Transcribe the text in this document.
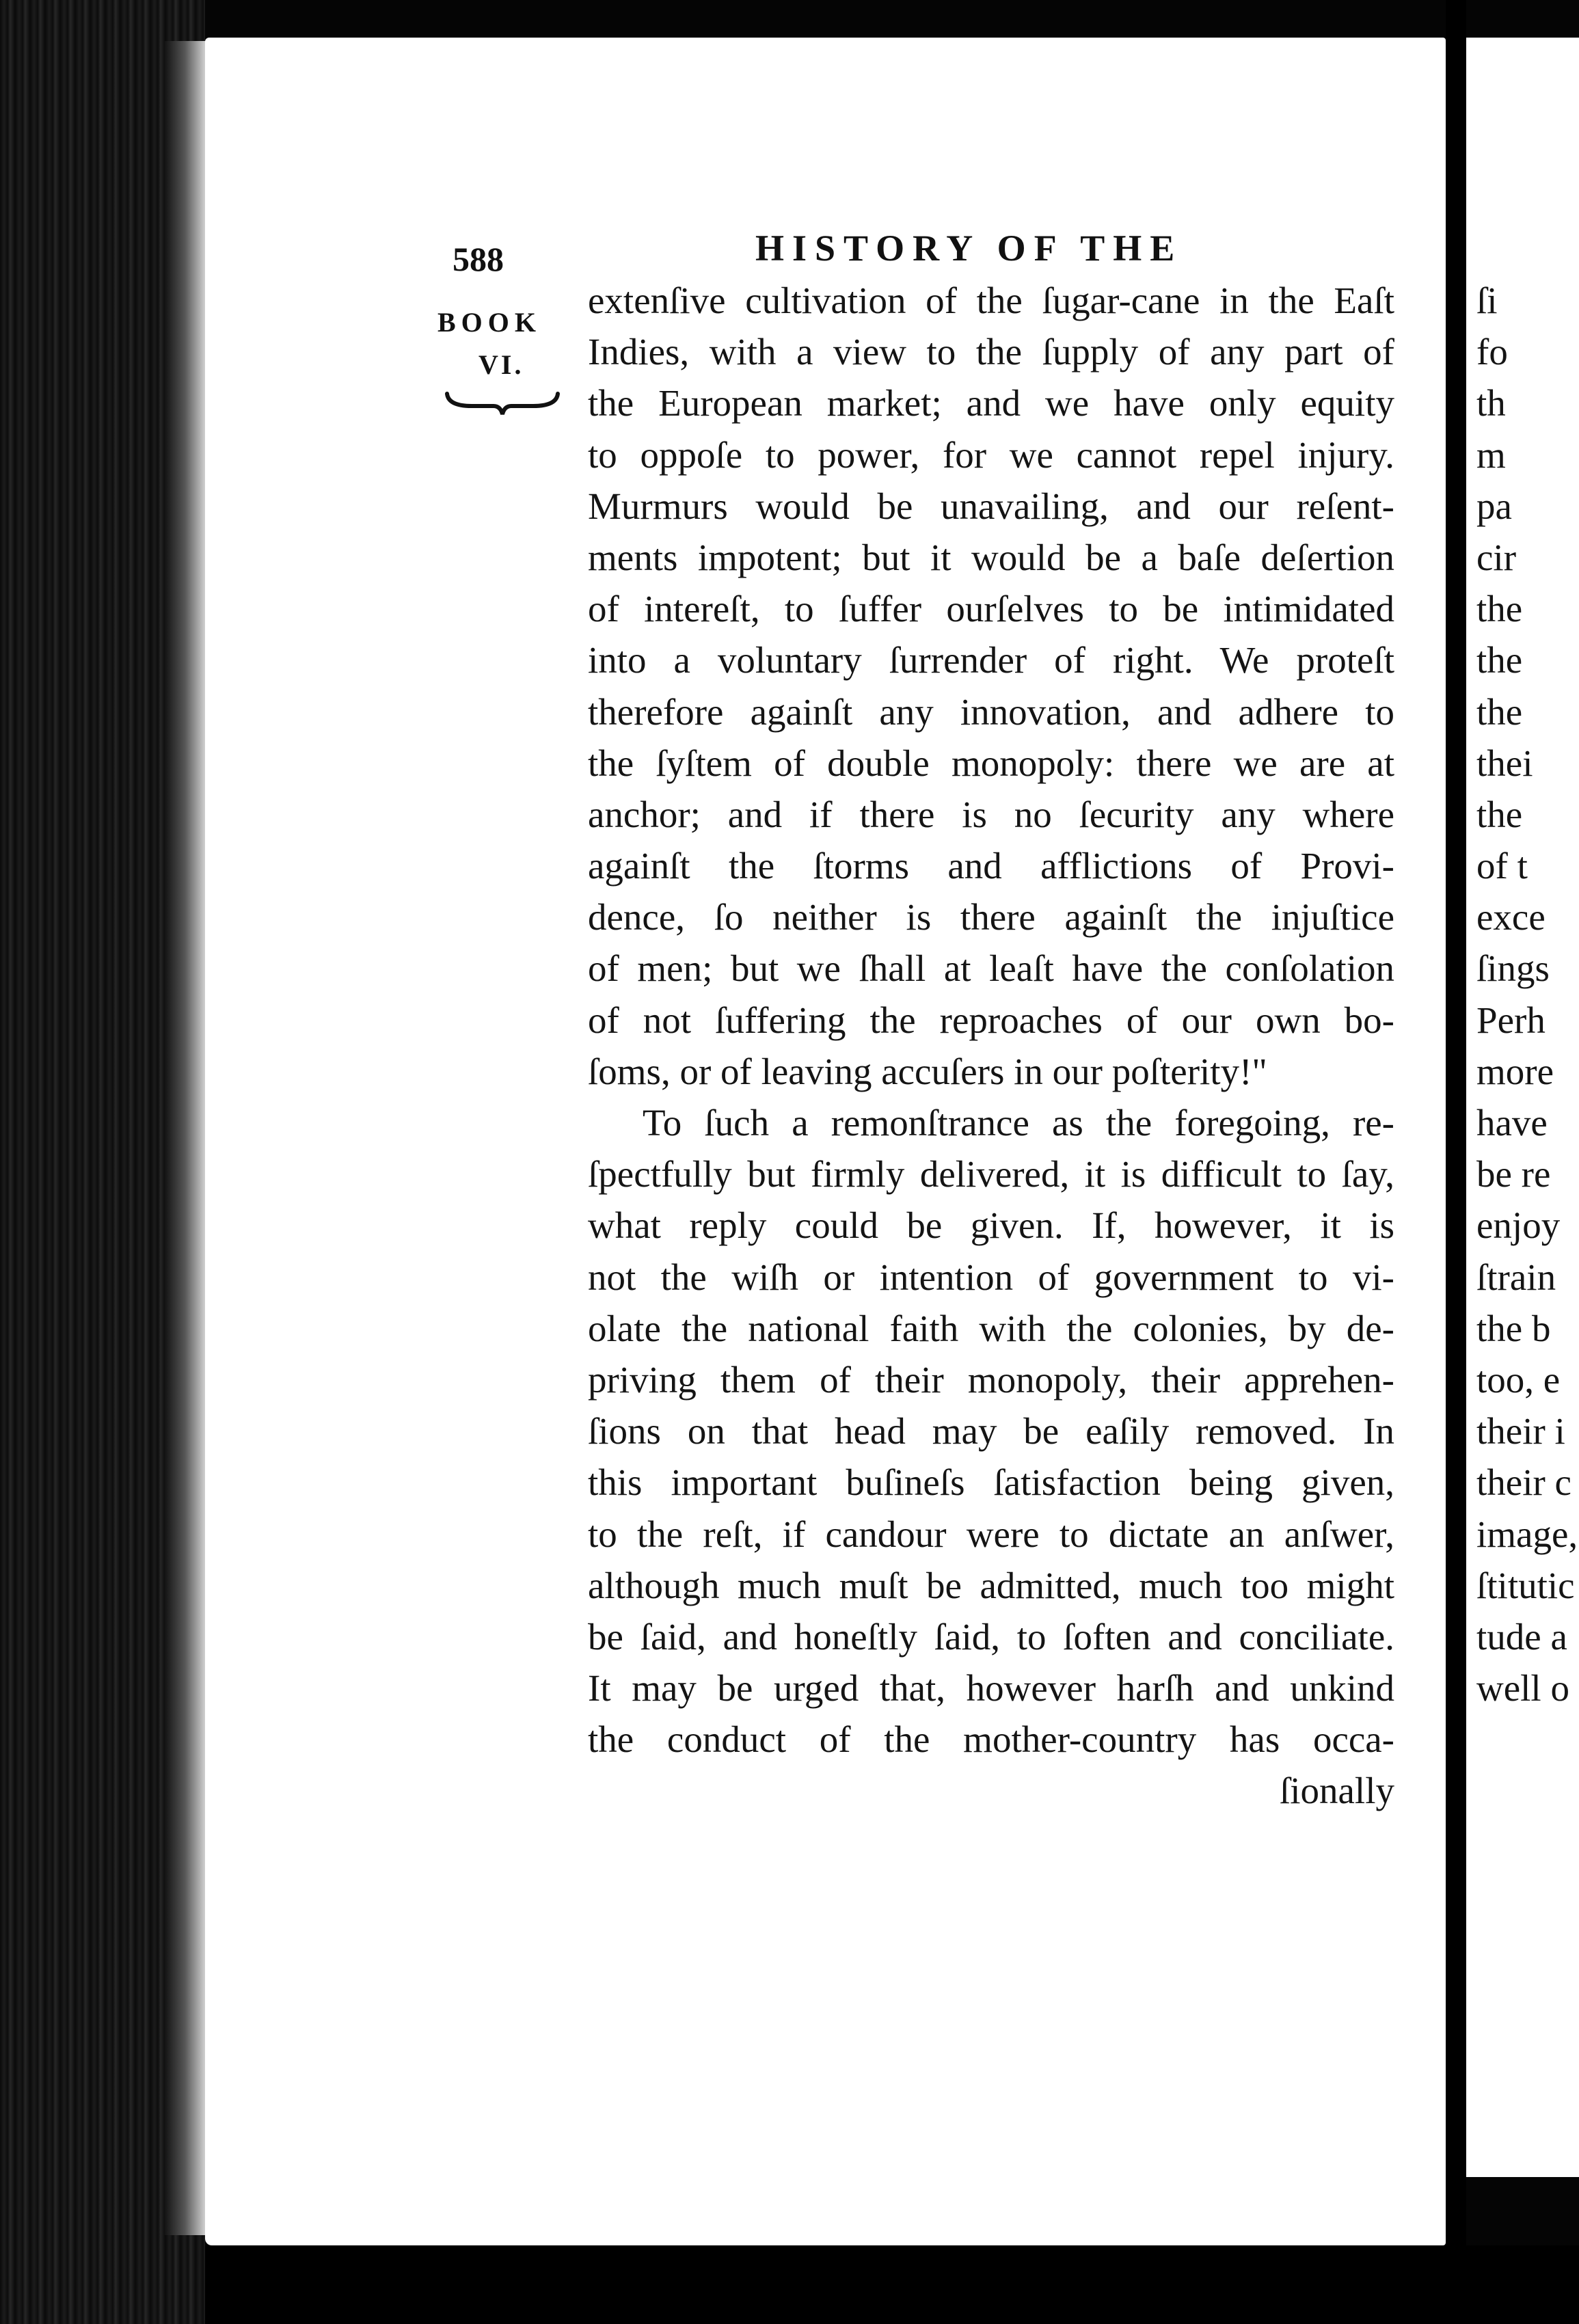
588	HISTORY OF THE
BOOK
VI.
extenſive cultivation of the ſugar-cane in the Eaſt
Indies, with a view to the ſupply of any part of
the European market; and we have only equity
to oppoſe to power, for we cannot repel injury.
Murmurs would be unavailing, and our reſent-
ments impotent; but it would be a baſe deſertion
of intereſt, to ſuffer ourſelves to be intimidated
into a voluntary ſurrender of right. We proteſt
therefore againſt any innovation, and adhere to
the ſyſtem of double monopoly: there we are at
anchor; and if there is no ſecurity any where
againſt the ſtorms and afflictions of Provi-
dence, ſo neither is there againſt the injuſtice
of men; but we ſhall at leaſt have the conſolation
of not ſuffering the reproaches of our own bo-
ſoms, or of leaving accuſers in our poſterity!"
To ſuch a remonſtrance as the foregoing, re-
ſpectfully but firmly delivered, it is difficult to ſay,
what reply could be given. If, however, it is
not the wiſh or intention of government to vi-
olate the national faith with the colonies, by de-
priving them of their monopoly, their apprehen-
ſions on that head may be eaſily removed. In
this important buſineſs ſatisfaction being given,
to the reſt, if candour were to dictate an anſwer,
although much muſt be admitted, much too might
be ſaid, and honeſtly ſaid, to ſoften and conciliate.
It may be urged that, however harſh and unkind
the conduct of the mother-country has occa-
ſionally
ſi
fo
th
m
pa
cir
the
the
the
thei
the
of t
exce
ſings
Perh
more
have
be re
enjoy
ſtrain
the b
too, e
their i
their c
image,
ſtitutic
tude a
well o
